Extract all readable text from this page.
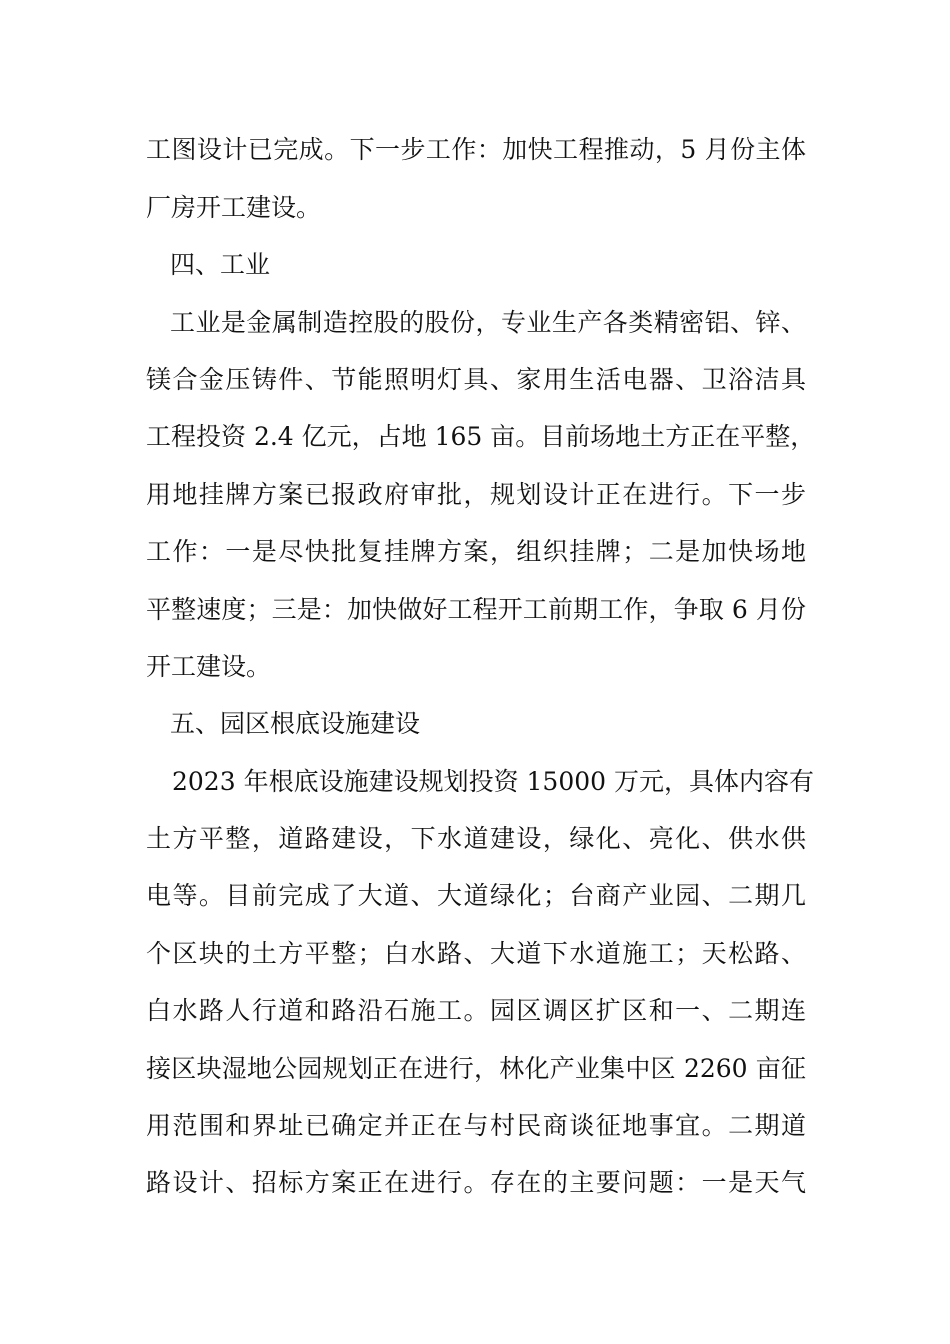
工图设计已完成。下一步工作：加快工程推动，5 月份主体
厂房开工建设。
四、工业
工业是金属制造控股的股份，专业生产各类精密铝、锌、
镁合金压铸件、节能照明灯具、家用生活电器、卫浴洁具
工程投资 2.4 亿元，占地 165 亩。目前场地土方正在平整，
用地挂牌方案已报政府审批，规划设计正在进行。下一步
工作：一是尽快批复挂牌方案，组织挂牌；二是加快场地
平整速度；三是：加快做好工程开工前期工作，争取 6 月份
开工建设。
五、园区根底设施建设
2023 年根底设施建设规划投资 15000 万元，具体内容有
土方平整，道路建设，下水道建设，绿化、亮化、供水供
电等。目前完成了大道、大道绿化；台商产业园、二期几
个区块的土方平整；白水路、大道下水道施工；天松路、
白水路人行道和路沿石施工。园区调区扩区和一、二期连
接区块湿地公园规划正在进行，林化产业集中区 2260 亩征
用范围和界址已确定并正在与村民商谈征地事宜。二期道
路设计、招标方案正在进行。存在的主要问题：一是天气
